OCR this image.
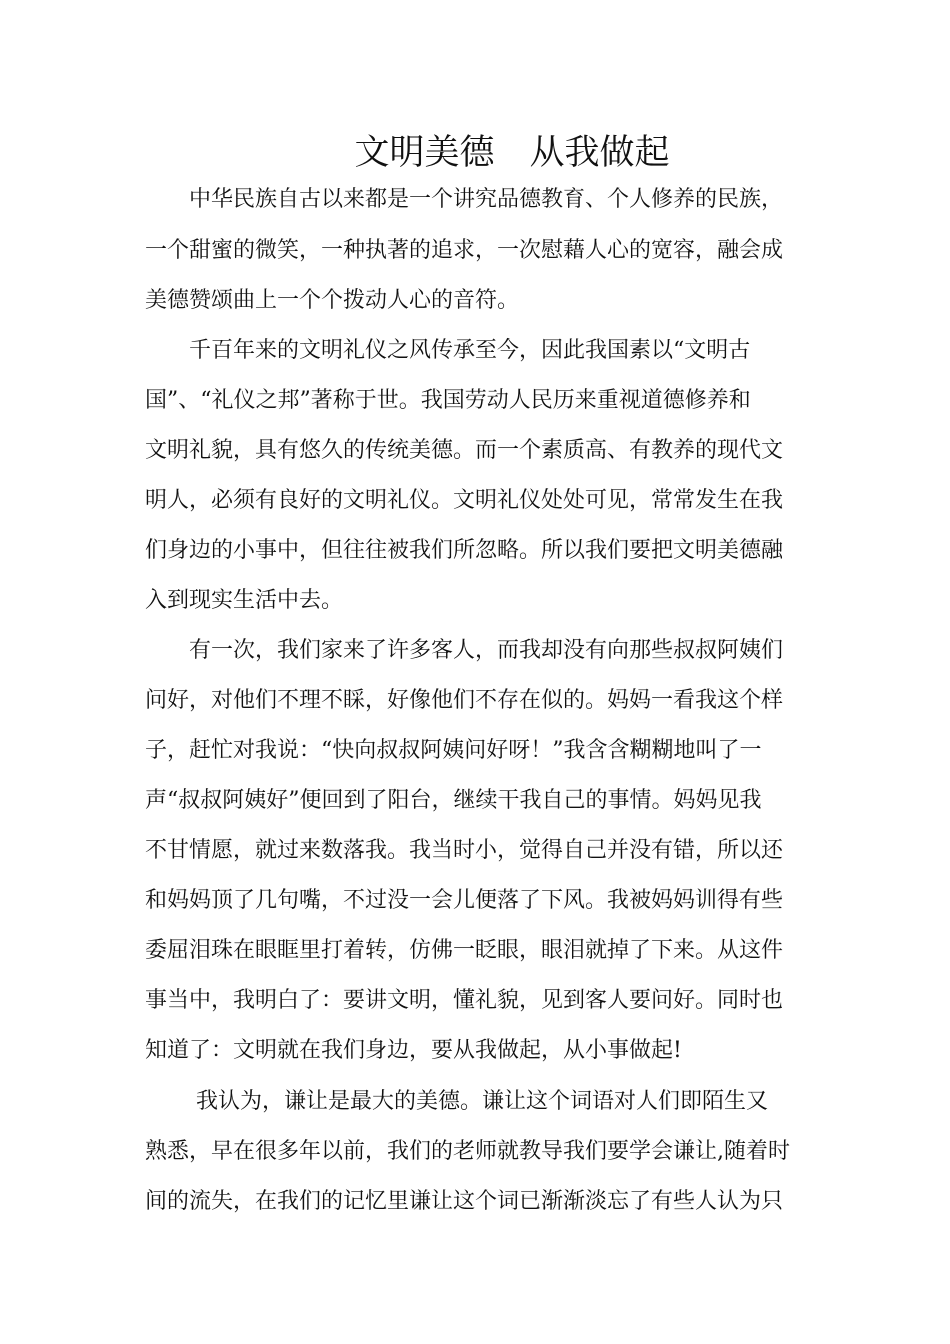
文明美德　从我做起
　　中华民族自古以来都是一个讲究品德教育、个人修养的民族，
一个甜蜜的微笑，一种执著的追求，一次慰藉人心的宽容，融会成
美德赞颂曲上一个个拨动人心的音符。
　　千百年来的文明礼仪之风传承至今，因此我国素以“文明古
国”、“礼仪之邦”著称于世。我国劳动人民历来重视道德修养和
文明礼貌，具有悠久的传统美德。而一个素质高、有教养的现代文
明人，必须有良好的文明礼仪。文明礼仪处处可见，常常发生在我
们身边的小事中，但往往被我们所忽略。所以我们要把文明美德融
入到现实生活中去。
　　有一次，我们家来了许多客人，而我却没有向那些叔叔阿姨们
问好，对他们不理不睬，好像他们不存在似的。妈妈一看我这个样
子，赶忙对我说：“快向叔叔阿姨问好呀！”我含含糊糊地叫了一
声“叔叔阿姨好”便回到了阳台，继续干我自己的事情。妈妈见我
不甘情愿，就过来数落我。我当时小，觉得自己并没有错，所以还
和妈妈顶了几句嘴，不过没一会儿便落了下风。我被妈妈训得有些
委屈泪珠在眼眶里打着转，仿佛一眨眼，眼泪就掉了下来。从这件
事当中，我明白了：要讲文明，懂礼貌，见到客人要问好。同时也
知道了：文明就在我们身边，要从我做起，从小事做起!
　　 我认为，谦让是最大的美德。谦让这个词语对人们即陌生又
熟悉，早在很多年以前，我们的老师就教导我们要学会谦让,随着时
间的流失，在我们的记忆里谦让这个词已渐渐淡忘了有些人认为只
